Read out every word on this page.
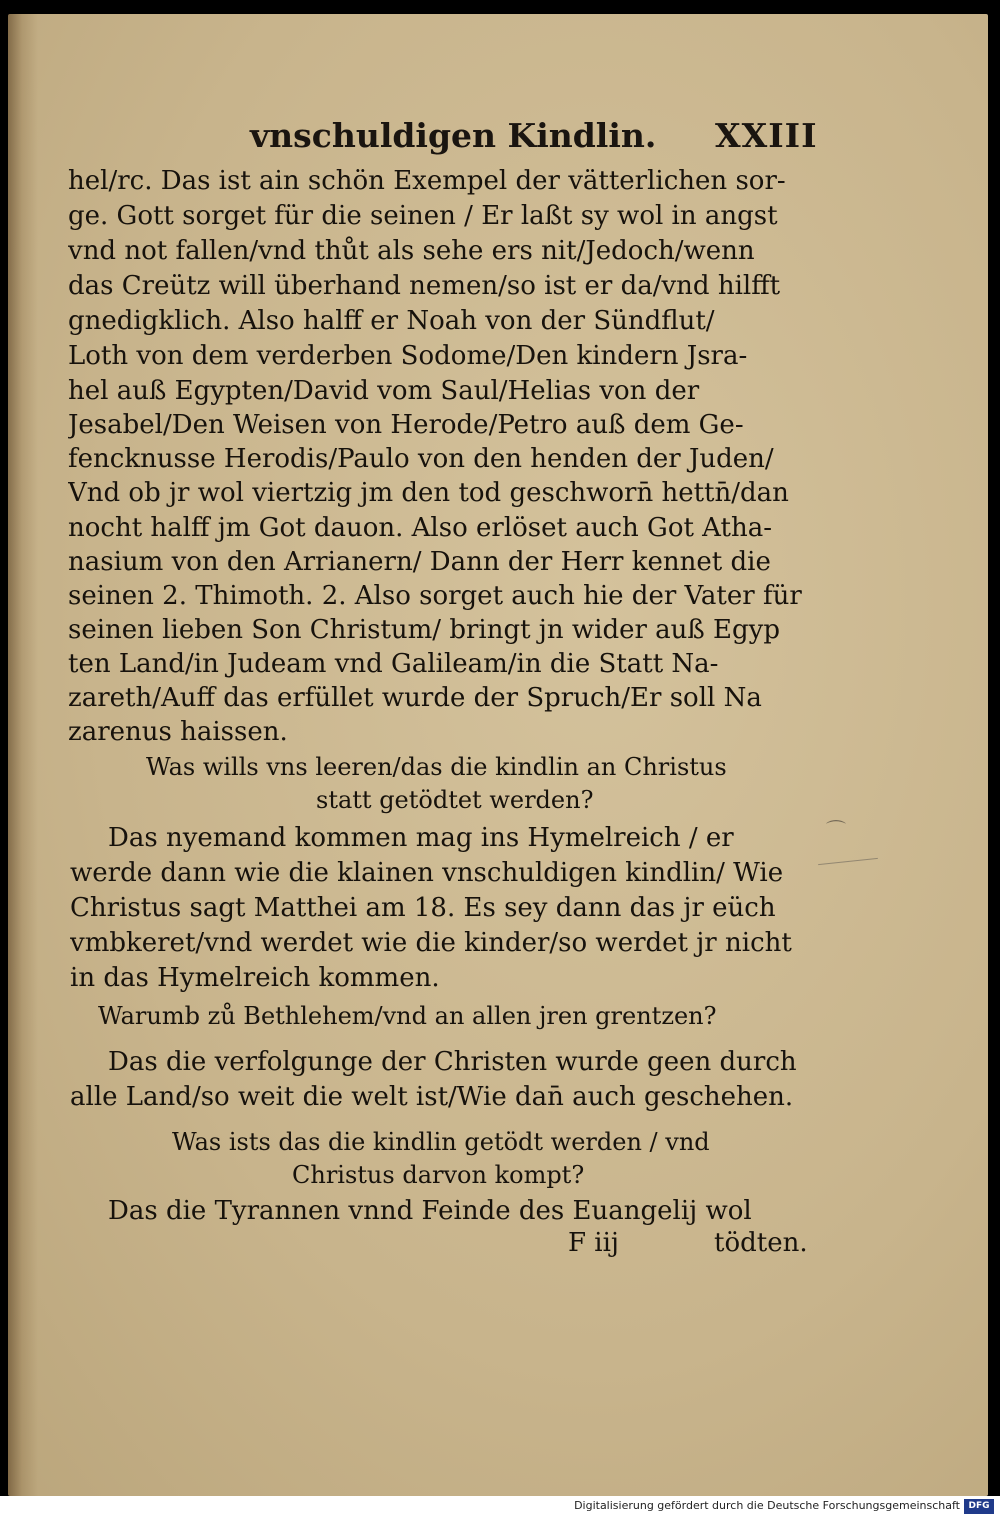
vnschuldigen Kindlin. XXIII
hel/rc. Das ist ain schön Exempel der vätterlichen sor-
ge. Gott sorget für die seinen / Er laßt sy wol in angst
vnd not fallen/vnd thůt als sehe ers nit/Jedoch/wenn
das Creütz will überhand nemen/so ist er da/vnd hilfft
gnedigklich. Also halff er Noah von der Sündflut/
Loth von dem verderben Sodome/Den kindern Jsra-
hel auß Egypten/David vom Saul/Helias von der
Jesabel/Den Weisen von Herode/Petro auß dem Ge-
fencknusse Herodis/Paulo von den henden der Juden/
Vnd ob jr wol viertzig jm den tod geschworn̄ hettn̄/dan
nocht halff jm Got dauon. Also erlöset auch Got Atha-
nasium von den Arrianern/ Dann der Herr kennet die
seinen 2. Thimoth. 2. Also sorget auch hie der Vater für
seinen lieben Son Christum/ bringt jn wider auß Egyp
ten Land/in Judeam vnd Galileam/in die Statt Na-
zareth/Auff das erfüllet wurde der Spruch/Er soll Na
zarenus haissen.
Was wills vns leeren/das die kindlin an Christus
statt getödtet werden?
Das nyemand kommen mag ins Hymelreich / er
werde dann wie die klainen vnschuldigen kindlin/ Wie
Christus sagt Matthei am 18. Es sey dann das jr eüch
vmbkeret/vnd werdet wie die kinder/so werdet jr nicht
in das Hymelreich kommen.
Warumb zů Bethlehem/vnd an allen jren grentzen?
Das die verfolgunge der Christen wurde geen durch
alle Land/so weit die welt ist/Wie dan̄ auch geschehen.
Was ists das die kindlin getödt werden / vnd
Christus darvon kompt?
Das die Tyrannen vnnd Feinde des Euangelij wol
F iij	tödten.
⌒
Digitalisierung gefördert durch die Deutsche Forschungsgemeinschaft DFG
